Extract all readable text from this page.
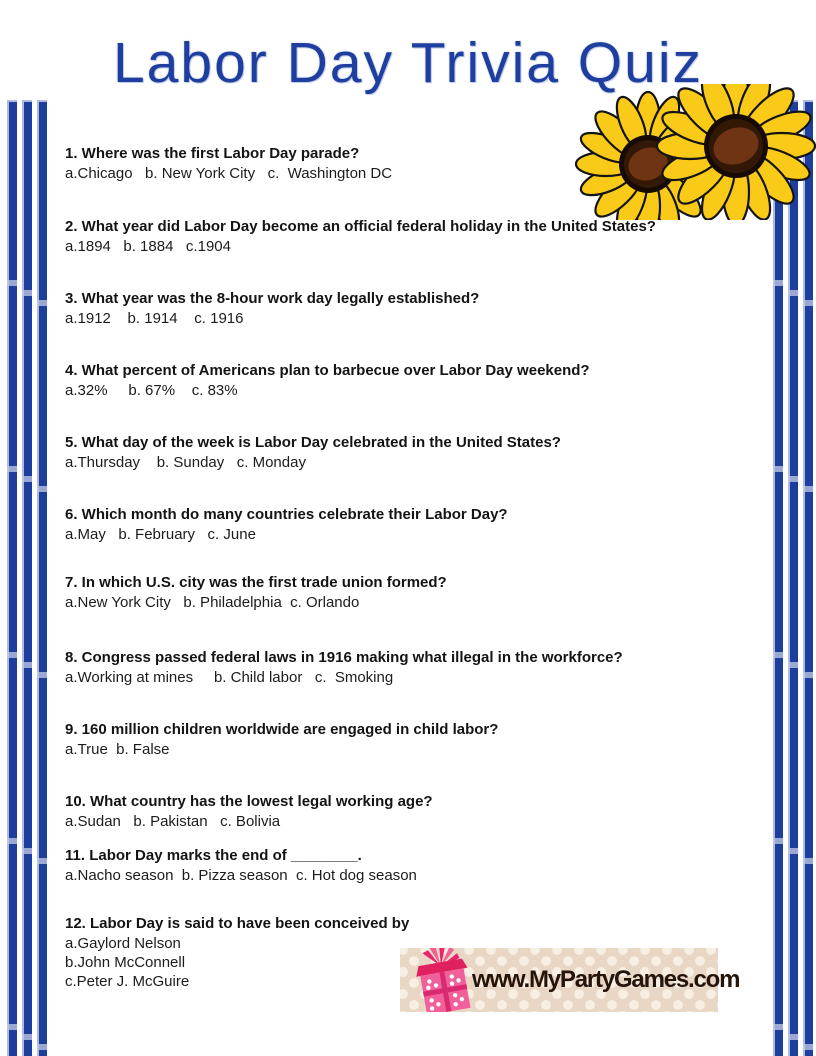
Labor Day Trivia Quiz
1. Where was the first Labor Day parade?
a.Chicago   b. New York City   c.  Washington DC
2. What year did Labor Day become an official federal holiday in the United States?
a.1894   b. 1884   c.1904
3. What year was the 8-hour work day legally established?
a.1912    b. 1914    c. 1916
4. What percent of Americans plan to barbecue over Labor Day weekend?
a.32%     b. 67%    c. 83%
5. What day of the week is Labor Day celebrated in the United States?
a.Thursday    b. Sunday   c. Monday
6. Which month do many countries celebrate their Labor Day?
a.May   b. February   c. June
7. In which U.S. city was the first trade union formed?
a.New York City   b. Philadelphia  c. Orlando
8. Congress passed federal laws in 1916 making what illegal in the workforce?
a.Working at mines     b. Child labor   c.  Smoking
9. 160 million children worldwide are engaged in child labor?
a.True  b. False
10. What country has the lowest legal working age?
a.Sudan   b. Pakistan   c. Bolivia
11. Labor Day marks the end of ________.
a.Nacho season  b. Pizza season  c. Hot dog season
12. Labor Day is said to have been conceived by
a.Gaylord Nelson
b.John McConnell
c.Peter J. McGuire	www.MyPartyGames.com
